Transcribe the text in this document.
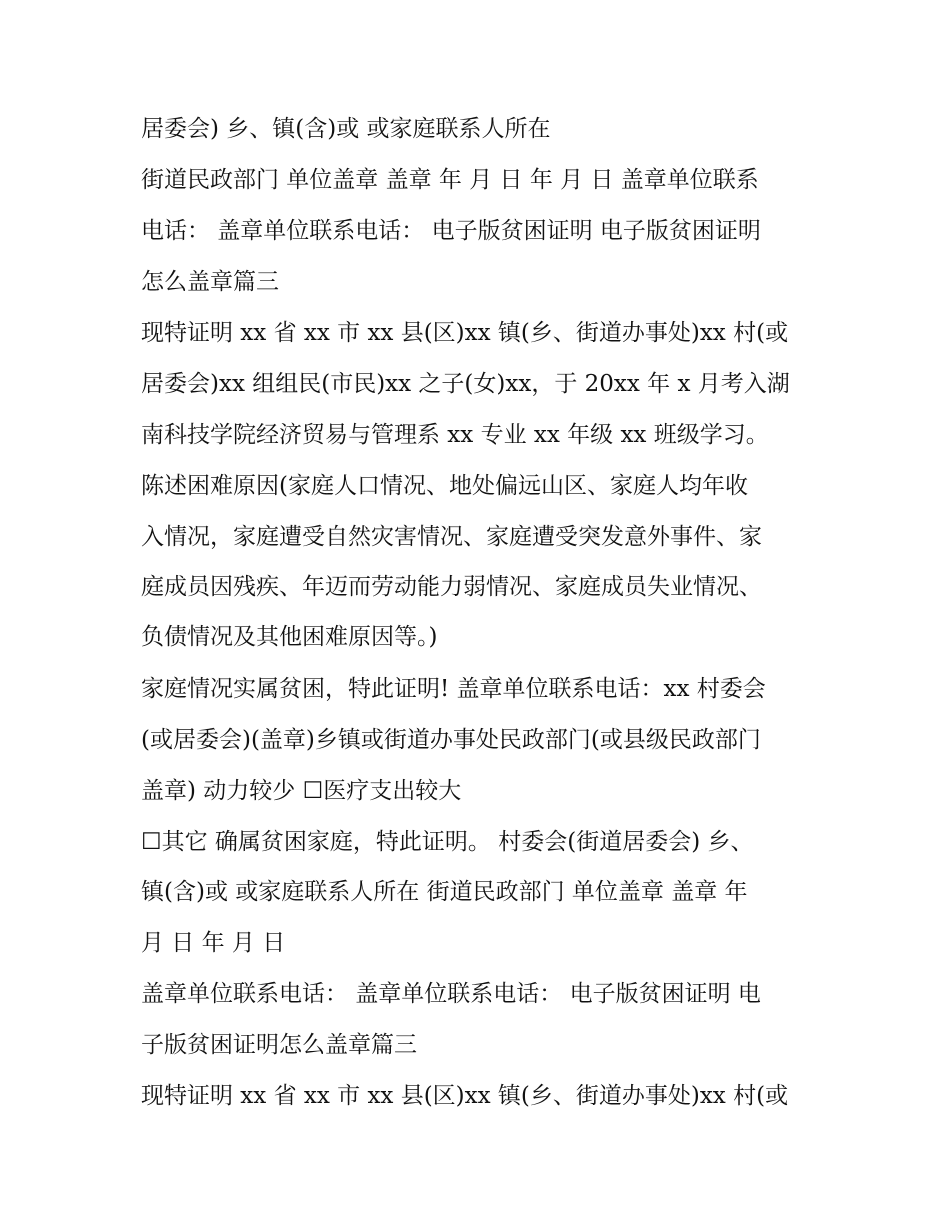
居委会) 乡、镇(含)或 或家庭联系人所在
街道民政部门 单位盖章 盖章 年 月 日 年 月 日 盖章单位联系
电话： 盖章单位联系电话： 电子版贫困证明 电子版贫困证明
怎么盖章篇三
现特证明 xx 省 xx 市 xx 县(区)xx 镇(乡、街道办事处)xx 村(或
居委会)xx 组组民(市民)xx 之子(女)xx，于 20xx 年 x 月考入湖
南科技学院经济贸易与管理系 xx 专业 xx 年级 xx 班级学习。
陈述困难原因(家庭人口情况、地处偏远山区、家庭人均年收
入情况，家庭遭受自然灾害情况、家庭遭受突发意外事件、家
庭成员因残疾、年迈而劳动能力弱情况、家庭成员失业情况、
负债情况及其他困难原因等。)
家庭情况实属贫困，特此证明! 盖章单位联系电话：xx 村委会
(或居委会)(盖章)乡镇或街道办事处民政部门(或县级民政部门
盖章) 动力较少 ☐医疗支出较大
☐其它 确属贫困家庭，特此证明。 村委会(街道居委会) 乡、
镇(含)或 或家庭联系人所在 街道民政部门 单位盖章 盖章 年
月 日 年 月 日
盖章单位联系电话： 盖章单位联系电话： 电子版贫困证明 电
子版贫困证明怎么盖章篇三
现特证明 xx 省 xx 市 xx 县(区)xx 镇(乡、街道办事处)xx 村(或
